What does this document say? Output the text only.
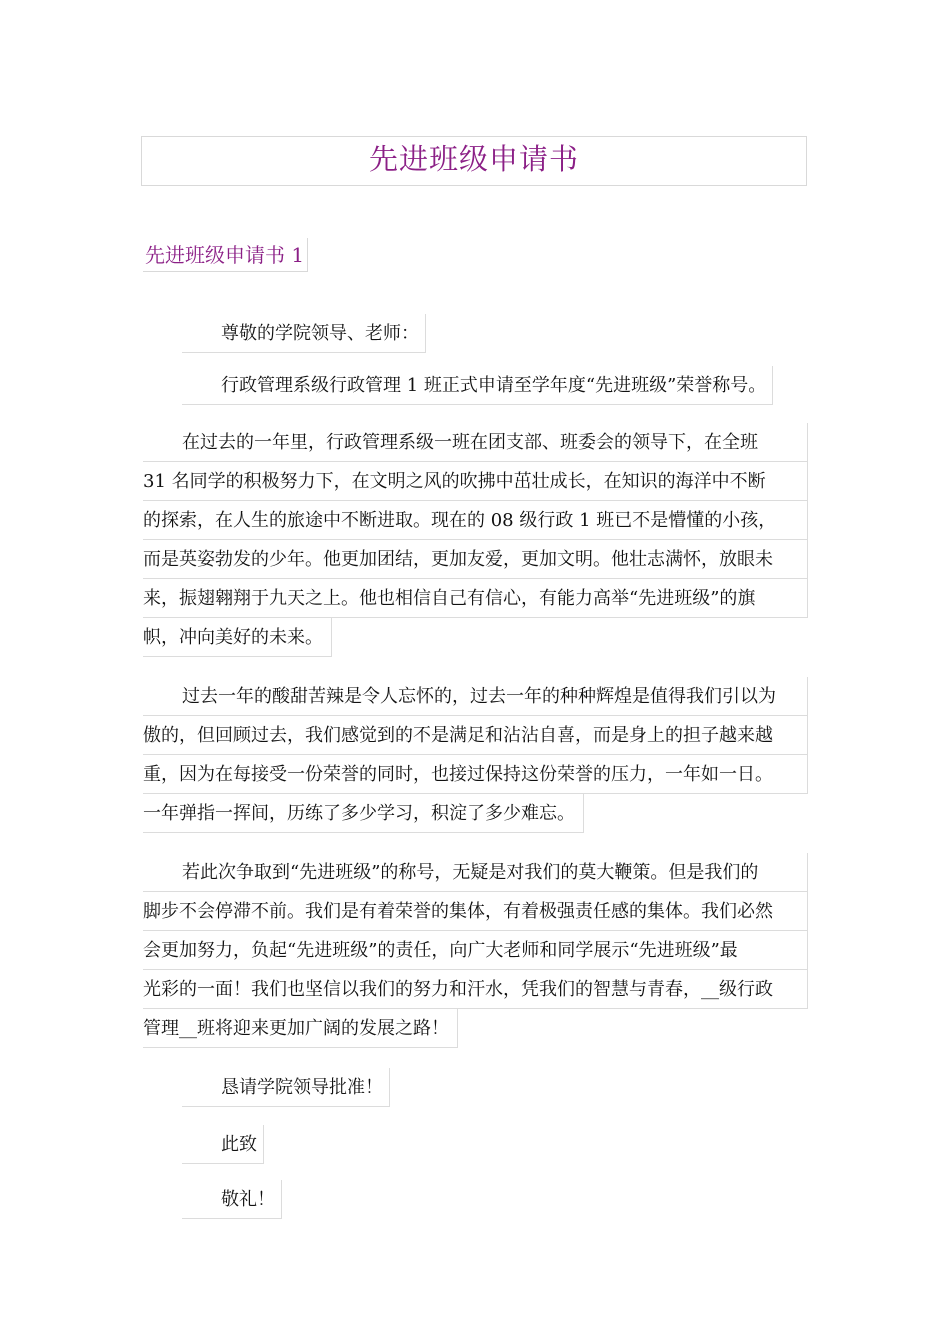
先进班级申请书
先进班级申请书 1
尊敬的学院领导、老师：
行政管理系级行政管理 1 班正式申请至学年度“先进班级”荣誉称号。
在过去的一年里，行政管理系级一班在团支部、班委会的领导下，在全班
31 名同学的积极努力下，在文明之风的吹拂中茁壮成长，在知识的海洋中不断
的探索，在人生的旅途中不断进取。现在的 08 级行政 1 班已不是懵懂的小孩，
而是英姿勃发的少年。他更加团结，更加友爱，更加文明。他壮志满怀，放眼未
来，振翅翱翔于九天之上。他也相信自己有信心，有能力高举“先进班级”的旗
帜，冲向美好的未来。
过去一年的酸甜苦辣是令人忘怀的，过去一年的种种辉煌是值得我们引以为
傲的，但回顾过去，我们感觉到的不是满足和沾沾自喜，而是身上的担子越来越
重，因为在每接受一份荣誉的同时，也接过保持这份荣誉的压力，一年如一日。
一年弹指一挥间，历练了多少学习，积淀了多少难忘。
若此次争取到“先进班级”的称号，无疑是对我们的莫大鞭策。但是我们的
脚步不会停滞不前。我们是有着荣誉的集体，有着极强责任感的集体。我们必然
会更加努力，负起“先进班级”的责任，向广大老师和同学展示“先进班级”最
光彩的一面！我们也坚信以我们的努力和汗水，凭我们的智慧与青春，__级行政
管理__班将迎来更加广阔的发展之路！
恳请学院领导批准！
此致
敬礼！
